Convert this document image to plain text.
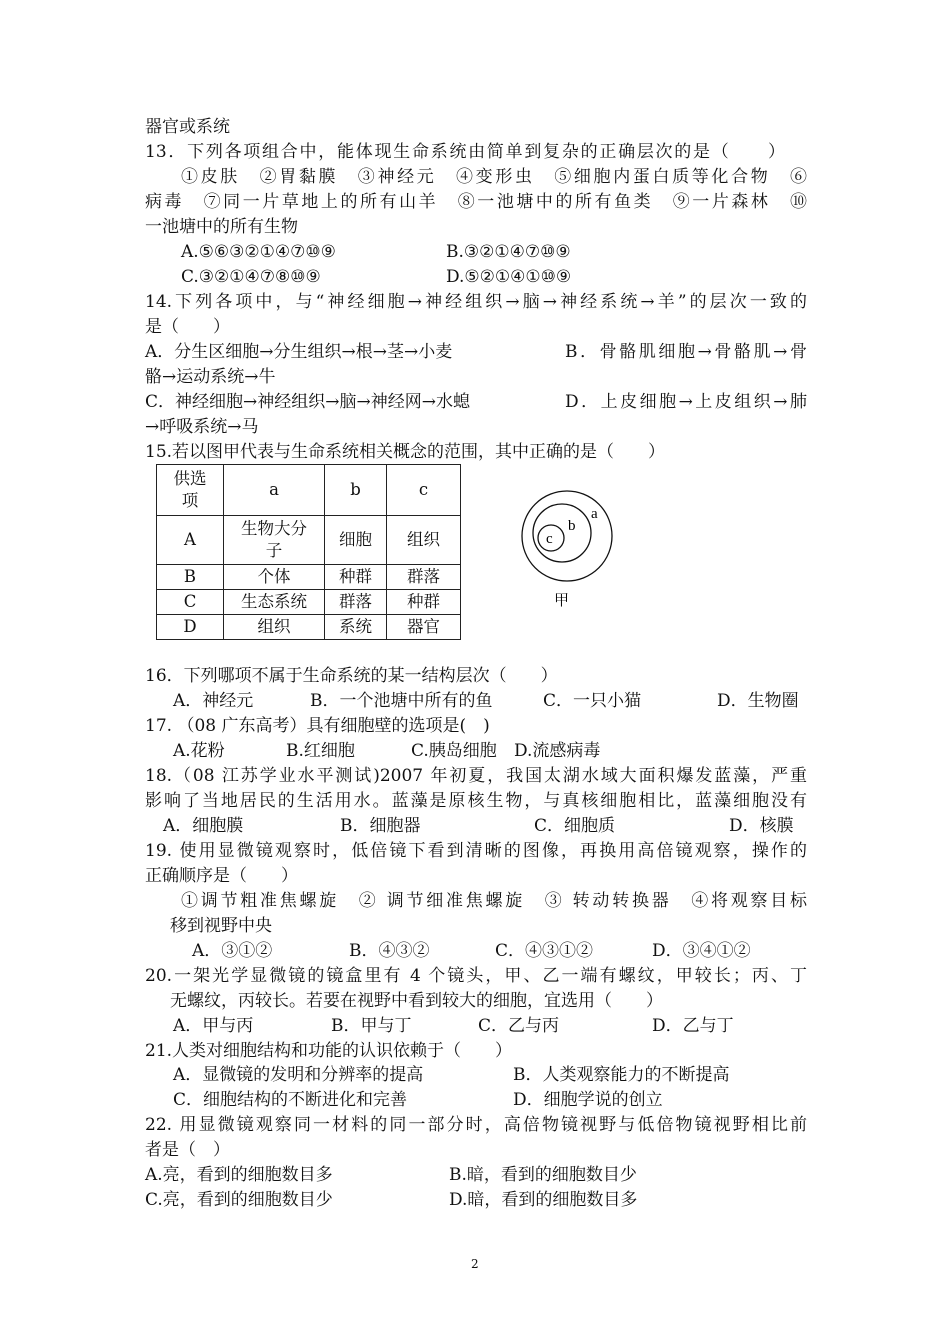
器官或系统
13．下列各项组合中，能体现生命系统由简单到复杂的正确层次的是（　　）
①皮肤　②胃黏膜　③神经元　④变形虫　⑤细胞内蛋白质等化合物　⑥
病毒　⑦同一片草地上的所有山羊　⑧一池塘中的所有鱼类　⑨一片森林　⑩
一池塘中的所有生物
A.⑤⑥③②①④⑦⑩⑨	B.③②①④⑦⑩⑨
C.③②①④⑦⑧⑩⑨	D.⑤②①④①⑩⑨
14.下列各项中，与“神经细胞→神经组织→脑→神经系统→羊”的层次一致的
是（　　）
A．分生区细胞→分生组织→根→茎→小麦	B．骨骼肌细胞→骨骼肌→骨
骼→运动系统→牛
C．神经细胞→神经组织→脑→神经网→水螅	D．上皮细胞→上皮组织→肺
→呼吸系统→马
15.若以图甲代表与生命系统相关概念的范围，其中正确的是（　　）
供选
项	a	b	c
A	生物大分
子	细胞	组织
B	个体	种群	群落
C	生态系统	群落	种群
D	组织	系统	器官
a
b
c
甲
16．下列哪项不属于生命系统的某一结构层次（　　）
A．神经元	B．一个池塘中所有的鱼	C．一只小猫	D．生物圈
17. （08 广东高考）具有细胞壁的选项是(　)
A.花粉	B.红细胞	C.胰岛细胞 D.流感病毒
18.（08 江苏学业水平测试)2007 年初夏，我国太湖水域大面积爆发蓝藻，严重
影响了当地居民的生活用水。蓝藻是原核生物，与真核细胞相比，蓝藻细胞没有
A．细胞膜	B．细胞器	C．细胞质	D．核膜
19. 使用显微镜观察时，低倍镜下看到清晰的图像，再换用高倍镜观察，操作的
正确顺序是（　　）
①调节粗准焦螺旋　② 调节细准焦螺旋　③ 转动转换器　④将观察目标
移到视野中央
A．③①②	B．④③②	C．④③①②	D．③④①②
20.一架光学显微镜的镜盒里有 4 个镜头，甲、乙一端有螺纹，甲较长；丙、丁
无螺纹，丙较长。若要在视野中看到较大的细胞，宜选用（　　）
A．甲与丙	B．甲与丁	C．乙与丙	D．乙与丁
21.人类对细胞结构和功能的认识依赖于（　　）
A．显微镜的发明和分辨率的提高	B．人类观察能力的不断提高
C．细胞结构的不断进化和完善	D．细胞学说的创立
22. 用显微镜观察同一材料的同一部分时，高倍物镜视野与低倍物镜视野相比前
者是（　）
A.亮，看到的细胞数目多	B.暗，看到的细胞数目少
C.亮，看到的细胞数目少	D.暗，看到的细胞数目多
2
